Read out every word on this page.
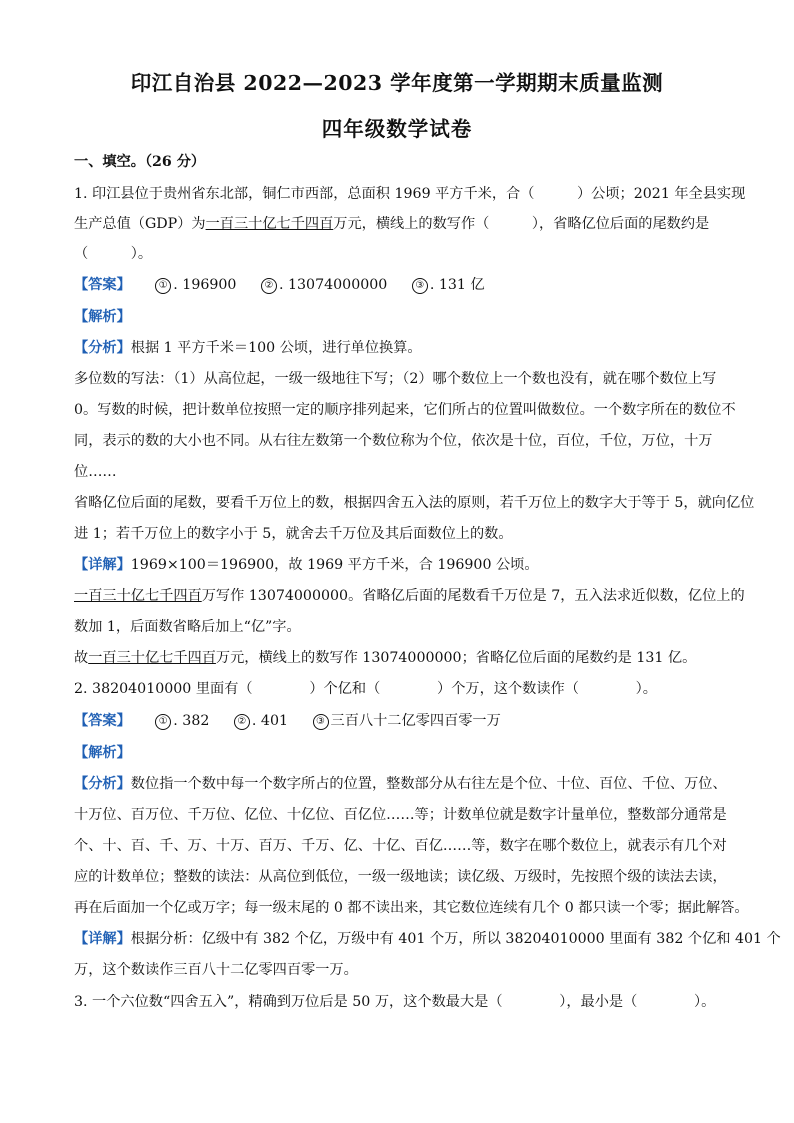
印江自治县 2022—2023 学年度第一学期期末质量监测
四年级数学试卷
一、填空。（26 分）
1. 印江县位于贵州省东北部，铜仁市西部，总面积 1969 平方千米，合（　　　）公顷；2021 年全县实现
生产总值（GDP）为一百三十亿七千四百万元，横线上的数写作（　　　），省略亿位后面的尾数约是
（　　　）。
【答案】	① . 196900	② . 13074000000	③ . 131 亿
【解析】
【分析】根据 1 平方千米＝100 公顷，进行单位换算。
多位数的写法：（1）从高位起，一级一级地往下写；（2）哪个数位上一个数也没有，就在哪个数位上写
0。写数的时候，把计数单位按照一定的顺序排列起来，它们所占的位置叫做数位。一个数字所在的数位不
同，表示的数的大小也不同。从右往左数第一个数位称为个位，依次是十位，百位，千位，万位，十万
位……
省略亿位后面的尾数，要看千万位上的数，根据四舍五入法的原则，若千万位上的数字大于等于 5，就向亿位
进 1；若千万位上的数字小于 5，就舍去千万位及其后面数位上的数。
【详解】1969×100＝196900，故 1969 平方千米，合 196900 公顷。
一百三十亿七千四百万写作 13074000000。省略亿后面的尾数看千万位是 7，五入法求近似数，亿位上的
数加 1，后面数省略后加上“亿”字。
故一百三十亿七千四百万元，横线上的数写作 13074000000；省略亿位后面的尾数约是 131 亿。
2. 38204010000 里面有（　　　　）个亿和（　　　　）个万，这个数读作（　　　　）。
【答案】	① . 382	② . 401	③ 三百八十二亿零四百零一万
【解析】
【分析】数位指一个数中每一个数字所占的位置，整数部分从右往左是个位、十位、百位、千位、万位、
十万位、百万位、千万位、亿位、十亿位、百亿位……等；计数单位就是数字计量单位，整数部分通常是
个、十、百、千、万、十万、百万、千万、亿、十亿、百亿……等，数字在哪个数位上，就表示有几个对
应的计数单位；整数的读法：从高位到低位，一级一级地读；读亿级、万级时，先按照个级的读法去读，
再在后面加一个亿或万字；每一级末尾的 0 都不读出来，其它数位连续有几个 0 都只读一个零；据此解答。
【详解】根据分析：亿级中有 382 个亿，万级中有 401 个万，所以 38204010000 里面有 382 个亿和 401 个
万，这个数读作三百八十二亿零四百零一万。
3. 一个六位数“四舍五入”，精确到万位后是 50 万，这个数最大是（　　　　），最小是（　　　　）。
